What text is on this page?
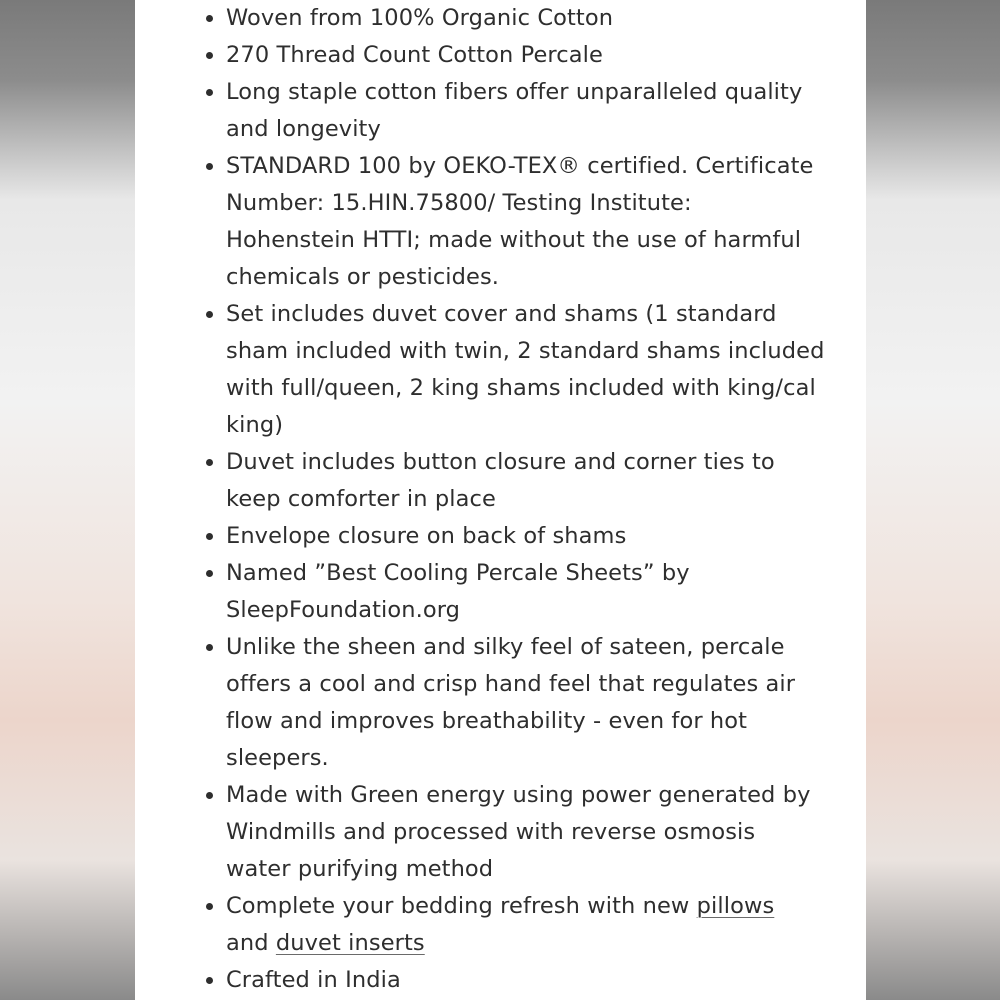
Woven from 100% Organic Cotton
270 Thread Count Cotton Percale
Long staple cotton fibers offer unparalleled quality and longevity
STANDARD 100 by OEKO-TEX® certified. Certificate Number: 15.HIN.75800/ Testing Institute: Hohenstein HTTI; made without the use of harmful chemicals or pesticides.
Set includes duvet cover and shams (1 standard sham included with twin, 2 standard shams included with full/queen, 2 king shams included with king/cal king)
Duvet includes button closure and corner ties to keep comforter in place
Envelope closure on back of shams
Named ”Best Cooling Percale Sheets” by SleepFoundation.org
Unlike the sheen and silky feel of sateen, percale offers a cool and crisp hand feel that regulates air flow and improves breathability - even for hot sleepers.
Made with Green energy using power generated by Windmills and processed with reverse osmosis water purifying method
Complete your bedding refresh with new pillows
and duvet inserts
Crafted in India
